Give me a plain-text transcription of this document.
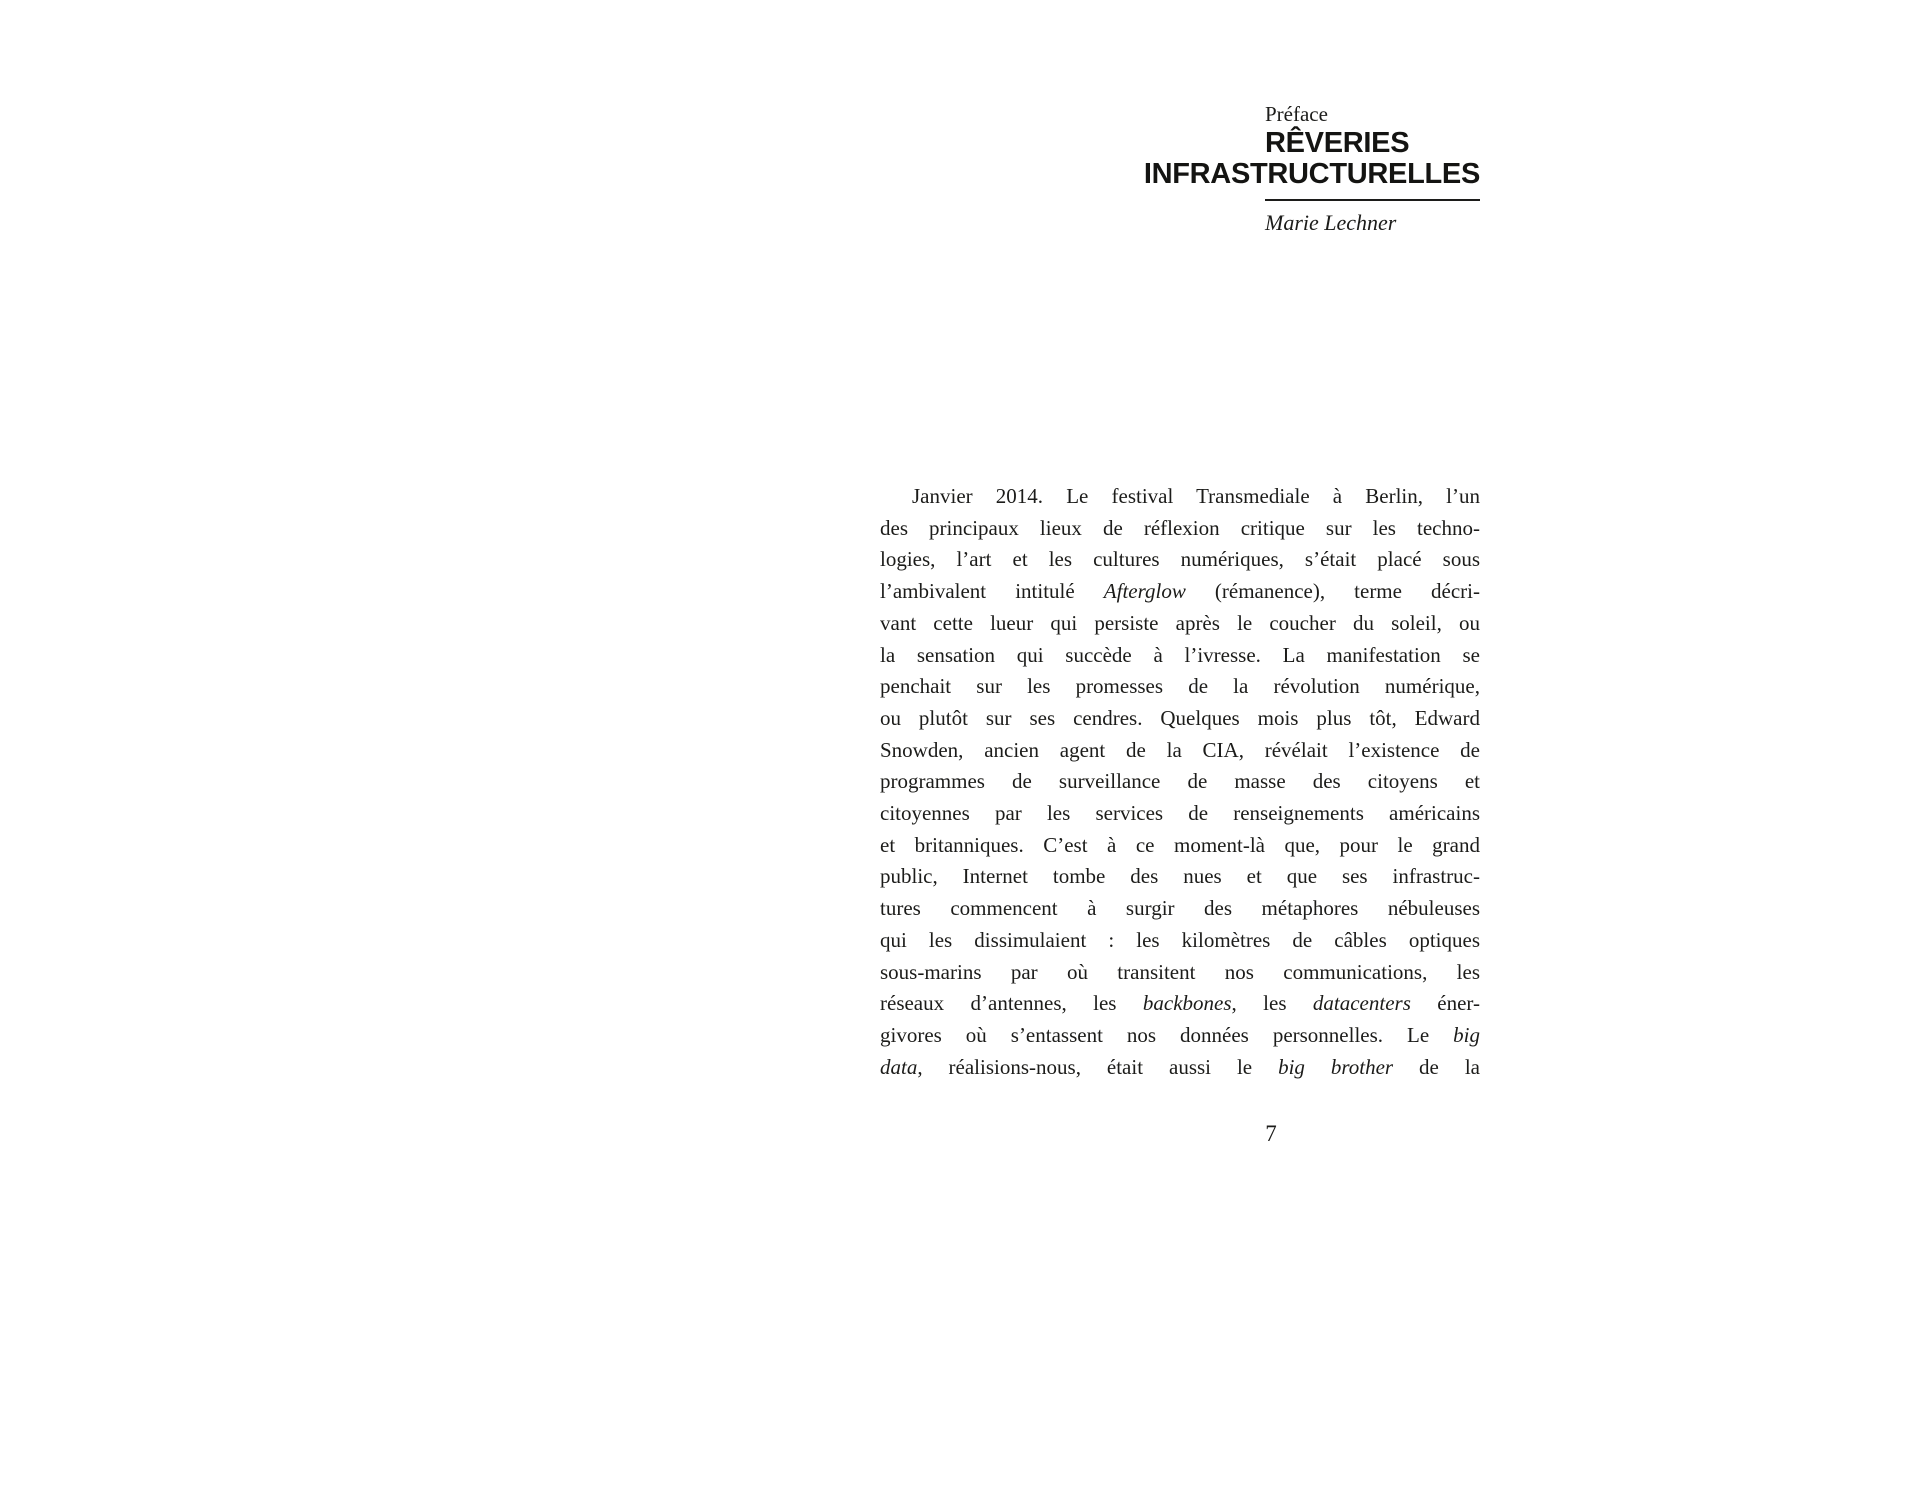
Préface
RÊVERIES
INFRASTRUCTURELLES
Marie Lechner
Janvier 2014. Le festival Transmediale à Berlin, l’un
des principaux lieux de réflexion critique sur les techno-
logies, l’art et les cultures numériques, s’était placé sous
l’ambivalent intitulé Afterglow (rémanence), terme décri-
vant cette lueur qui persiste après le coucher du soleil, ou
la sensation qui succède à l’ivresse. La manifestation se
penchait sur les promesses de la révolution numérique,
ou plutôt sur ses cendres. Quelques mois plus tôt, Edward
Snowden, ancien agent de la CIA, révélait l’existence de
programmes de surveillance de masse des citoyens et
citoyennes par les services de renseignements américains
et britanniques. C’est à ce moment-là que, pour le grand
public, Internet tombe des nues et que ses infrastruc-
tures commencent à surgir des métaphores nébuleuses
qui les dissimulaient : les kilomètres de câbles optiques
sous-marins par où transitent nos communications, les
réseaux d’antennes, les backbones, les datacenters éner-
givores où s’entassent nos données personnelles. Le big
data, réalisions-nous, était aussi le big brother de la
7
